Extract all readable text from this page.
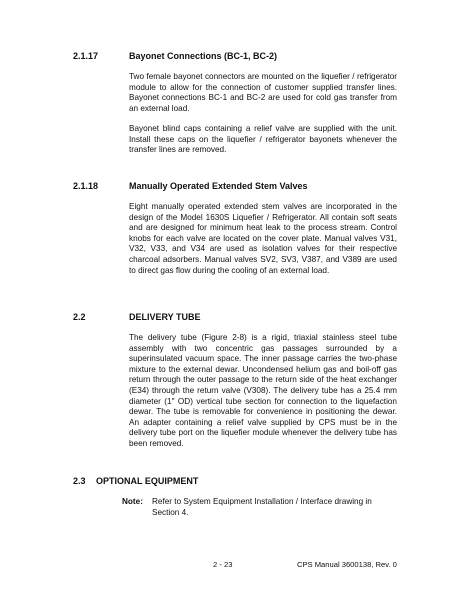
2.1.17	Bayonet Connections (BC-1, BC-2)
Two female bayonet connectors are mounted on the liquefier / refrigerator module to allow for the connection of customer supplied transfer lines. Bayonet connections BC-1 and BC-2 are used for cold gas transfer from an external load.
Bayonet blind caps containing a relief valve are supplied with the unit. Install these caps on the liquefier / refrigerator bayonets whenever the transfer lines are removed.
2.1.18	Manually Operated Extended Stem Valves
Eight manually operated extended stem valves are incorporated in the design of the Model 1630S Liquefier / Refrigerator. All contain soft seats and are designed for minimum heat leak to the process stream. Control knobs for each valve are located on the cover plate. Manual valves V31, V32, V33, and V34 are used as isolation valves for their respective charcoal adsorbers. Manual valves SV2, SV3, V387, and V389 are used to direct gas flow during the cooling of an external load.
2.2	DELIVERY TUBE
The delivery tube (Figure 2-8) is a rigid, triaxial stainless steel tube assembly with two concentric gas passages surrounded by a superinsulated vacuum space. The inner passage carries the two-phase mixture to the external dewar. Uncondensed helium gas and boil-off gas return through the outer passage to the return side of the heat exchanger (E34) through the return valve (V308). The delivery tube has a 25.4 mm diameter (1" OD) vertical tube section for connection to the liquefaction dewar. The tube is removable for convenience in positioning the dewar. An adapter containing a relief valve supplied by CPS must be in the delivery tube port on the liquefier module whenever the delivery tube has been removed.
2.3 OPTIONAL EQUIPMENT
Note: Refer to System Equipment Installation / Interface drawing in Section 4.
2 - 23	CPS Manual 3600138, Rev. 0
